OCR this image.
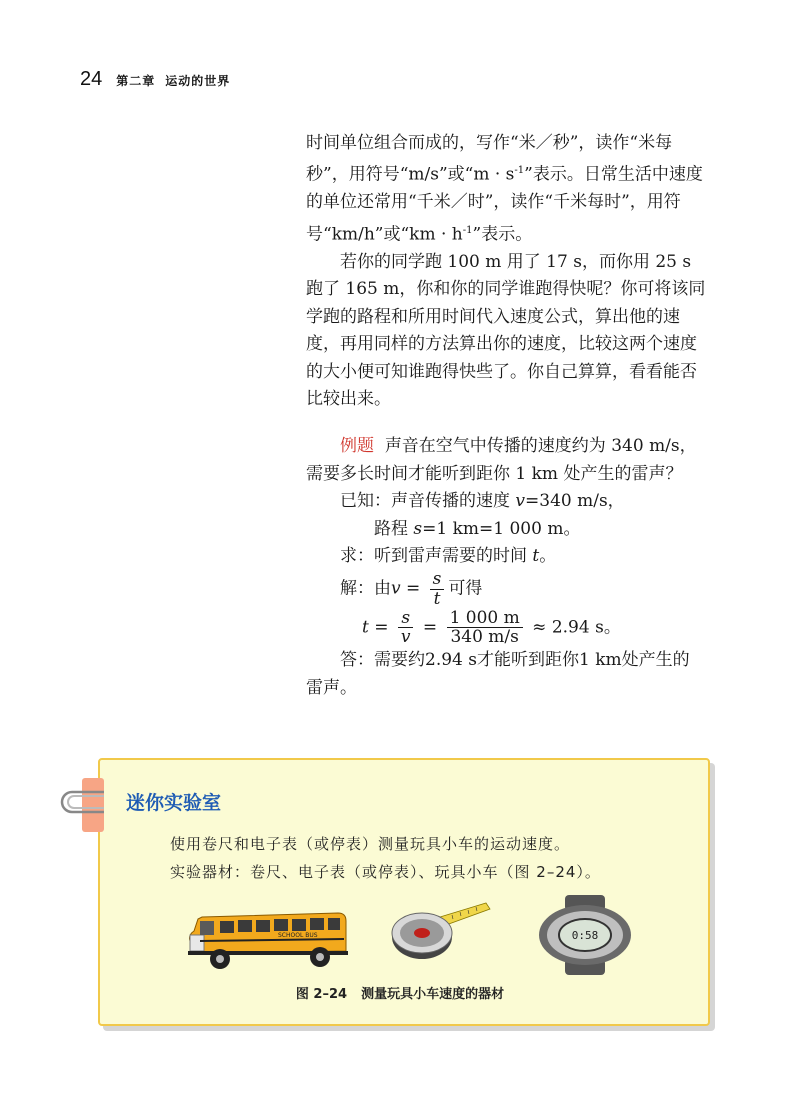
24 第二章 运动的世界

时间单位组合而成的，写作“米／秒”，读作“米每秒”，用符号“m/s”或“$m \cdot s^{-1}$”表示。日常生活中速度的单位还常用“千米／时”，读作“千米每时”，用符号“km/h”或“km · $h^{-1}$”表示。

若你的同学跑 100 m 用了 17 s，而你用 25 s 跑了 165 m，你和你的同学谁跑得快呢？你可将该同学跑的路程和所用时间代入速度公式，算出他的速度，再用同样的方法算出你的速度，比较这两个速度的大小便可知谁跑得快些了。你自己算算，看看能否比较出来。

例题 声音在空气中传播的速度约为 340 m/s，需要多长时间才能听到距你 1 km 处产生的雷声？

已知：声音传播的速度 v=340 m/s，

路程 s=1 km=1 000 m。

求：听到雷声需要的时间 t。

解：由$v = \frac{s}{t}$ 可得

$t = \frac{s}{v} = \frac{1 000 m}{340 m/s} \approx 2.94$ s。

答：需要约2.94 s才能听到距你1 km处产生的雷声。

迷你实验室

使用卷尺和电子表（或停表）测量玩具小车的运动速度。

实验器材：卷尺、电子表（或停表）、玩具小车（图 2–24）。

SCHOOL BUS	0:58
图 2–24 测量玩具小车速度的器材
